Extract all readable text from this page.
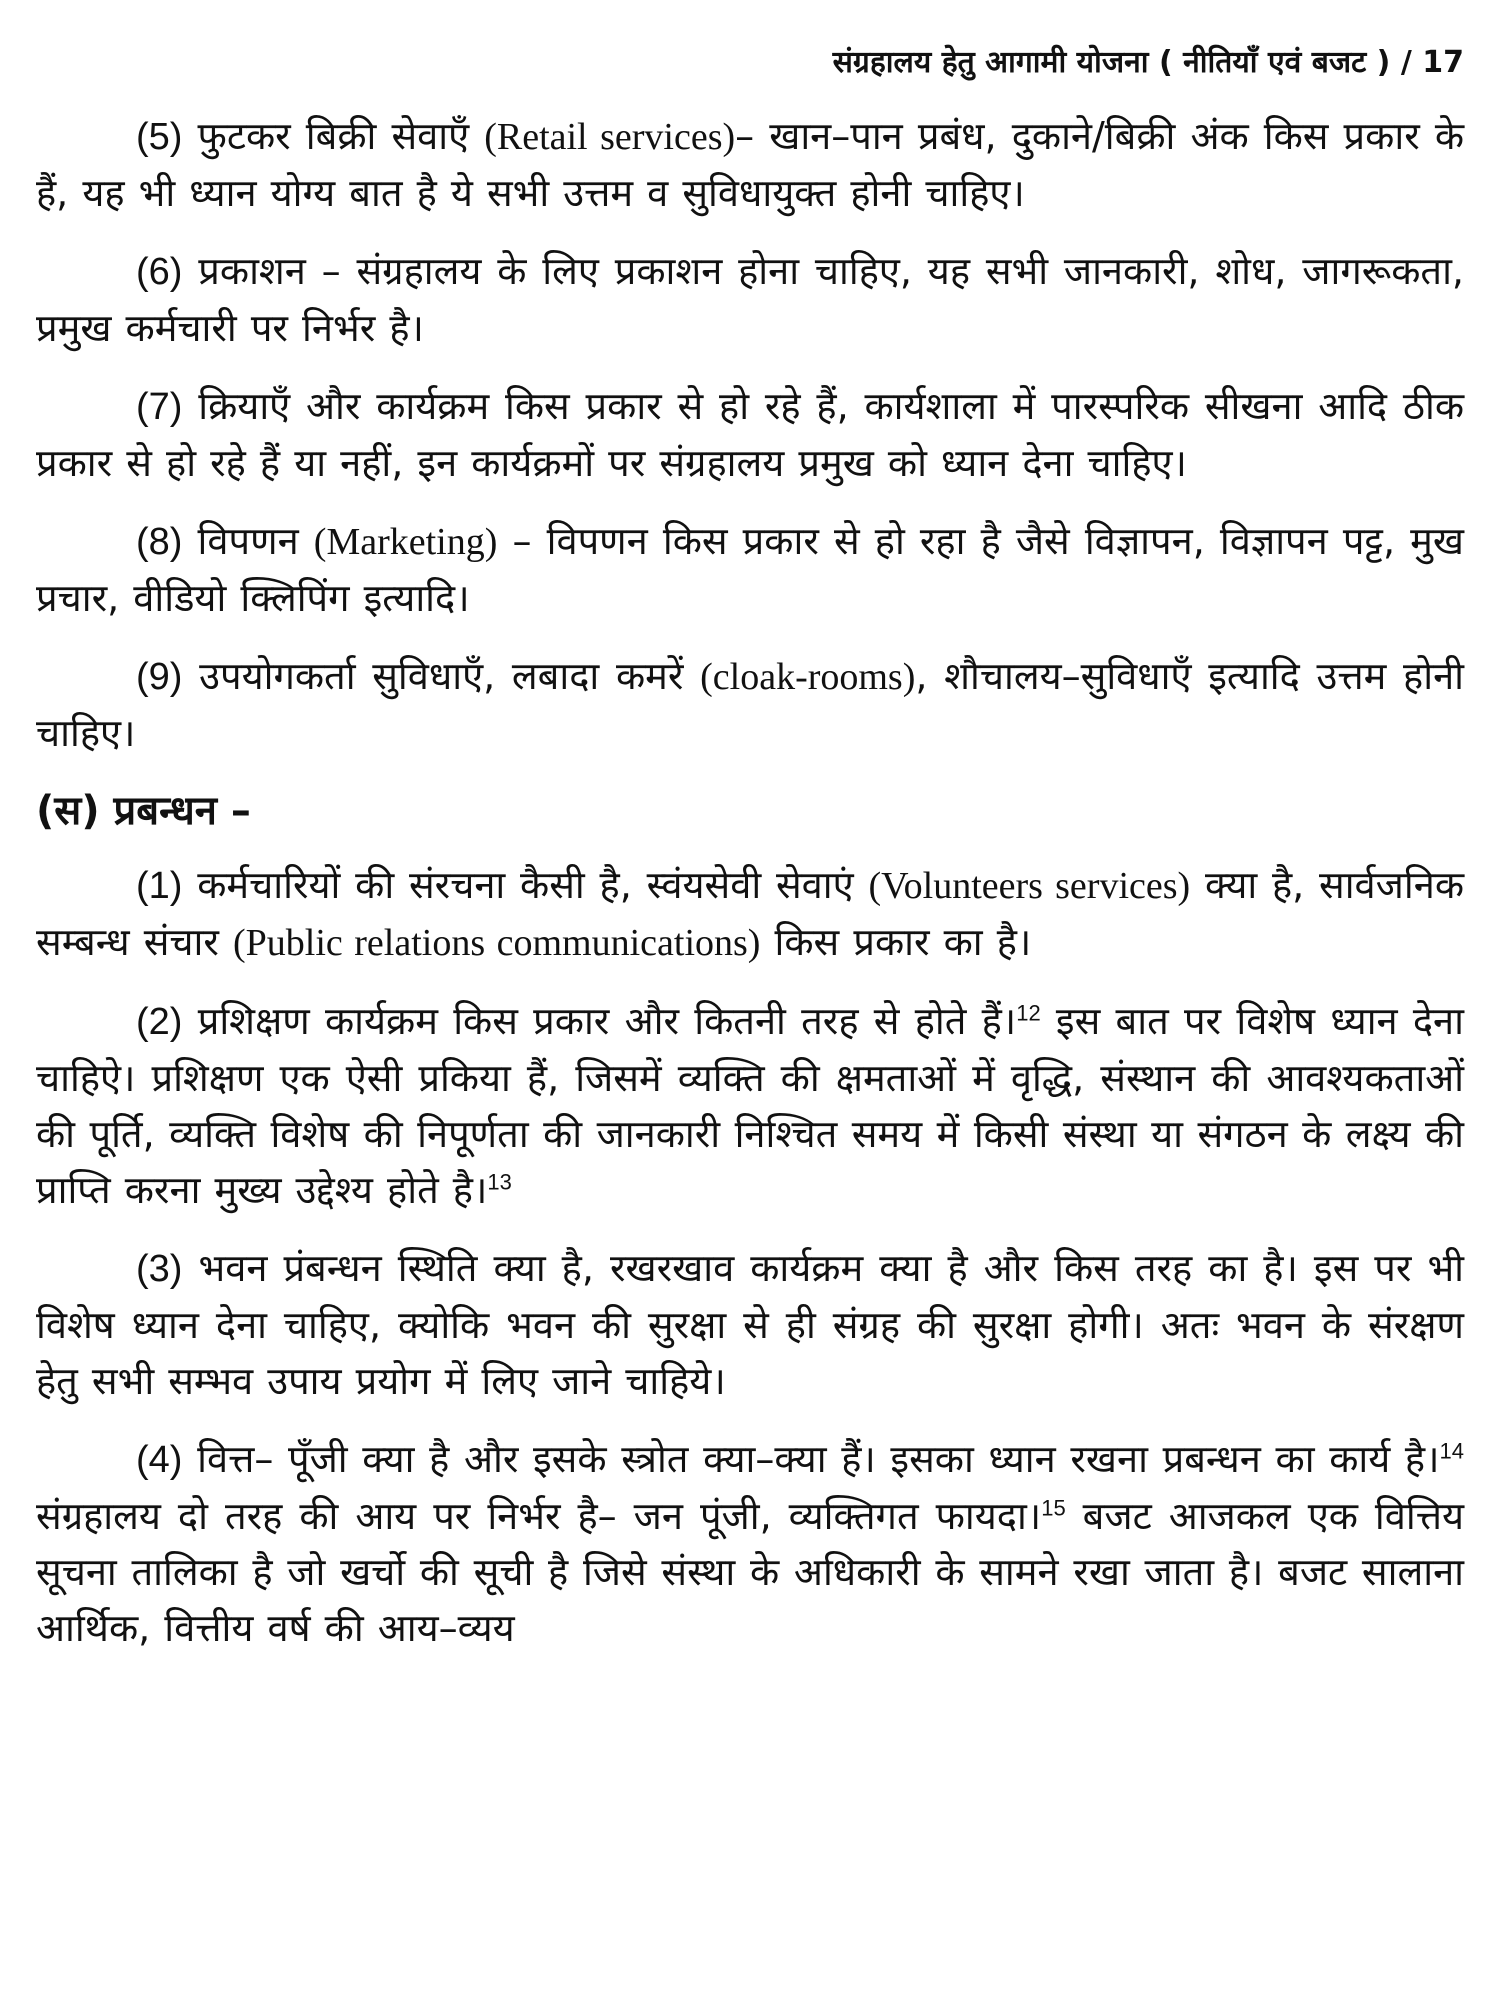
संग्रहालय हेतु आगामी योजना ( नीतियाँ एवं बजट ) / 17

(5) फुटकर बिक्री सेवाएँ (Retail services)– खान–पान प्रबंध, दुकाने/बिक्री अंक किस प्रकार के हैं, यह भी ध्यान योग्य बात है ये सभी उत्तम व सुविधायुक्त होनी चाहिए।

(6) प्रकाशन – संग्रहालय के लिए प्रकाशन होना चाहिए, यह सभी जानकारी, शोध, जागरूकता, प्रमुख कर्मचारी पर निर्भर है।

(7) क्रियाएँ और कार्यक्रम किस प्रकार से हो रहे हैं, कार्यशाला में पारस्परिक सीखना आदि ठीक प्रकार से हो रहे हैं या नहीं, इन कार्यक्रमों पर संग्रहालय प्रमुख को ध्यान देना चाहिए।

(8) विपणन (Marketing) – विपणन किस प्रकार से हो रहा है जैसे विज्ञापन, विज्ञापन पट्ट, मुख प्रचार, वीडियो क्लिपिंग इत्यादि।

(9) उपयोगकर्ता सुविधाएँ, लबादा कमरें (cloak-rooms), शौचालय–सुविधाएँ इत्यादि उत्तम होनी चाहिए।

(स) प्रबन्धन –

(1) कर्मचारियों की संरचना कैसी है, स्वंयसेवी सेवाएं (Volunteers services) क्या है, सार्वजनिक सम्बन्ध संचार (Public relations communications) किस प्रकार का है।

(2) प्रशिक्षण कार्यक्रम किस प्रकार और कितनी तरह से होते हैं।$^{12}$ इस बात पर विशेष ध्यान देना चाहिऐ। प्रशिक्षण एक ऐसी प्रकिया हैं, जिसमें व्यक्ति की क्षमताओं में वृद्धि, संस्थान की आवश्यकताओं की पूर्ति, व्यक्ति विशेष की निपूर्णता की जानकारी निश्चित समय में किसी संस्था या संगठन के लक्ष्य की प्राप्ति करना मुख्य उद्देश्य होते है।$^{13}$

(3) भवन प्रंबन्धन स्थिति क्या है, रखरखाव कार्यक्रम क्या है और किस तरह का है। इस पर भी विशेष ध्यान देना चाहिए, क्योकि भवन की सुरक्षा से ही संग्रह की सुरक्षा होगी। अतः भवन के संरक्षण हेतु सभी सम्भव उपाय प्रयोग में लिए जाने चाहिये।

(4) वित्त– पूँजी क्या है और इसके स्त्रोत क्या–क्या हैं। इसका ध्यान रखना प्रबन्धन का कार्य है।$^{14}$ संग्रहालय दो तरह की आय पर निर्भर है– जन पूंजी, व्यक्तिगत फायदा।$^{15}$ बजट आजकल एक वित्तिय सूचना तालिका है जो खर्चो की सूची है जिसे संस्था के अधिकारी के सामने रखा जाता है। बजट सालाना आर्थिक, वित्तीय वर्ष की आय–व्यय
